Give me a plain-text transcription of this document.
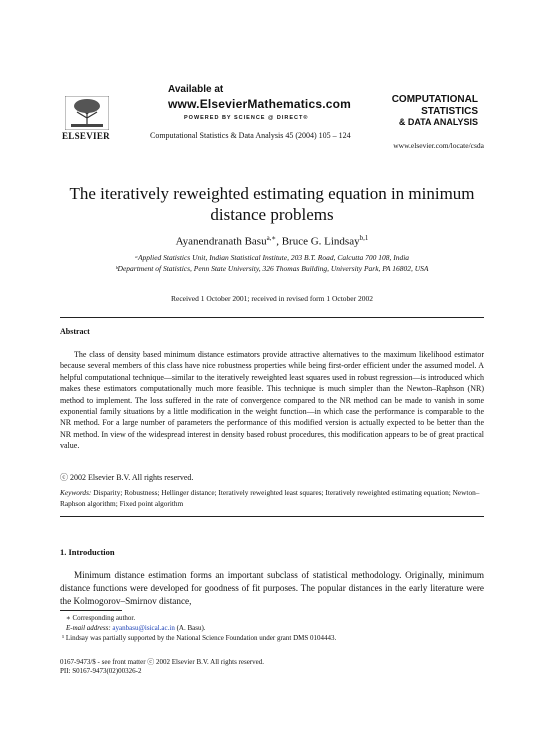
Available at
www.ElsevierMathematics.com
POWERED BY SCIENCE @ DIRECT®
ELSEVIER	Computational Statistics & Data Analysis 45 (2004) 105 – 124
COMPUTATIONAL
STATISTICS
& DATA ANALYSIS
www.elsevier.com/locate/csda
The iteratively reweighted estimating equation in minimum distance problems
Ayanendranath Basu$^{a,∗}$, Bruce G. Lindsay$^{b,1}$
ᵃApplied Statistics Unit, Indian Statistical Institute, 203 B.T. Road, Calcutta 700 108, India
ᵇDepartment of Statistics, Penn State University, 326 Thomas Building, University Park, PA 16802, USA
Received 1 October 2001; received in revised form 1 October 2002
Abstract
The class of density based minimum distance estimators provide attractive alternatives to the maximum likelihood estimator because several members of this class have nice robustness properties while being first-order efficient under the assumed model. A helpful computational technique—similar to the iteratively reweighted least squares used in robust regression—is introduced which makes these estimators computationally much more feasible. This technique is much simpler than the Newton–Raphson (NR) method to implement. The loss suffered in the rate of convergence compared to the NR method can be made to vanish in some exponential family situations by a little modification in the weight function—in which case the performance is comparable to the NR method. For a large number of parameters the performance of this modified version is actually expected to be better than the NR method. In view of the widespread interest in density based robust procedures, this modification appears to be of great practical value.
ⓒ 2002 Elsevier B.V. All rights reserved.
Keywords: Disparity; Robustness; Hellinger distance; Iteratively reweighted least squares; Iteratively reweighted estimating equation; Newton–Raphson algorithm; Fixed point algorithm
1. Introduction
Minimum distance estimation forms an important subclass of statistical methodology. Originally, minimum distance functions were developed for goodness of fit purposes. The popular distances in the early literature were the Kolmogorov–Smirnov distance,
∗ Corresponding author.
E-mail address: ayanbasu@isical.ac.in (A. Basu).
¹ Lindsay was partially supported by the National Science Foundation under grant DMS 0104443.
0167-9473/$ - see front matter ⓒ 2002 Elsevier B.V. All rights reserved.
PII: S0167-9473(02)00326-2
